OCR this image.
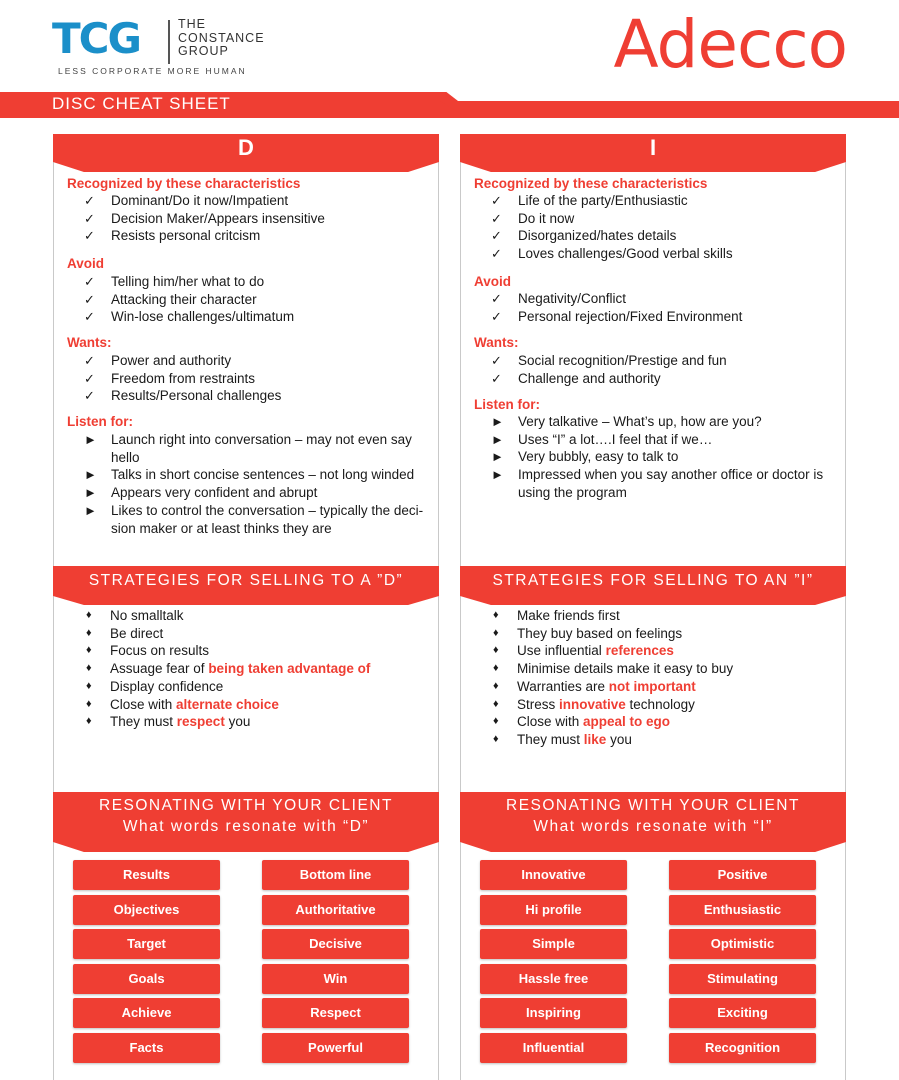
TCG	THE
CONSTANCE
GROUP
LESS CORPORATE MORE HUMAN	Adecco
DISC CHEAT SHEET
D
Recognized by these characteristics
✓ Dominant/Do it now/Impatient
✓ Decision Maker/Appears insensitive
✓ Resists personal critcism
Avoid
✓ Telling him/her what to do
✓ Attacking their character
✓ Win-lose challenges/ultimatum
Wants:
✓ Power and authority
✓ Freedom from restraints
✓ Results/Personal challenges
Listen for:
► Launch right into conversation – may not even say
hello
► Talks in short concise sentences – not long winded
► Appears very confident and abrupt
► Likes to control the conversation – typically the deci-
sion maker or at least thinks they are
STRATEGIES FOR SELLING TO A ”D”
♦ No smalltalk
♦ Be direct
♦ Focus on results
♦ Assuage fear of being taken advantage of
♦ Display confidence
♦ Close with alternate choice
♦ They must respect you
RESONATING WITH YOUR CLIENT
What words resonate with “D”
Results	Bottom line
Objectives	Authoritative
Target	Decisive
Goals	Win
Achieve	Respect
Facts	Powerful
I
Recognized by these characteristics
✓ Life of the party/Enthusiastic
✓ Do it now
✓ Disorganized/hates details
✓ Loves challenges/Good verbal skills
Avoid
✓ Negativity/Conflict
✓ Personal rejection/Fixed Environment
Wants:
✓ Social recognition/Prestige and fun
✓ Challenge and authority
Listen for:
► Very talkative – What’s up, how are you?
► Uses “I” a lot….I feel that if we…
► Very bubbly, easy to talk to
► Impressed when you say another office or doctor is
using the program
STRATEGIES FOR SELLING TO AN ”I”
♦ Make friends first
♦ They buy based on feelings
♦ Use influential references
♦ Minimise details make it easy to buy
♦ Warranties are not important
♦ Stress innovative technology
♦ Close with appeal to ego
♦ They must like you
RESONATING WITH YOUR CLIENT
What words resonate with “I”
Innovative	Positive
Hi profile	Enthusiastic
Simple	Optimistic
Hassle free	Stimulating
Inspiring	Exciting
Influential	Recognition
